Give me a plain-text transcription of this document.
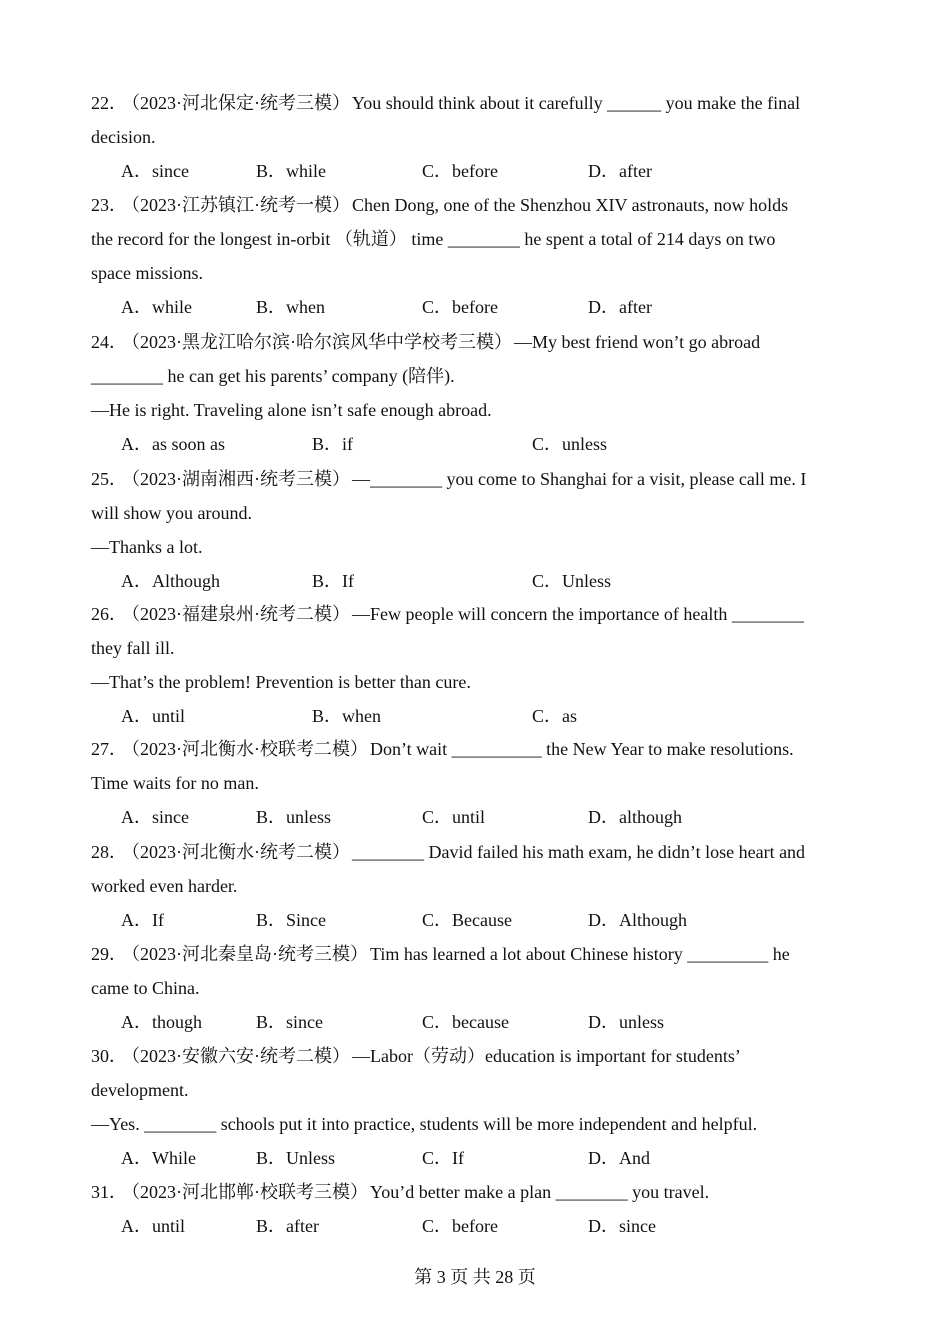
22． （2023·河北保定·统考三模） You should think about it carefully ______ you make the final
decision.
A．since	B．while	C．before	D．after
23． （2023·江苏镇江·统考一模） Chen Dong, one of the Shenzhou XIV astronauts, now holds
the record for the longest in-orbit （轨道） time ________ he spent a total of 214 days on two
space missions.
A．while	B．when	C．before	D．after
24． （2023·黑龙江哈尔滨·哈尔滨风华中学校考三模） —My best friend won’t go abroad
________ he can get his parents’ company (陪伴).
—He is right. Traveling alone isn’t safe enough abroad.
A．as soon as	B．if	C．unless
25． （2023·湖南湘西·统考三模） —________ you come to Shanghai for a visit, please call me. I
will show you around.
—Thanks a lot.
A．Although	B．If	C．Unless
26． （2023·福建泉州·统考二模） —Few people will concern the importance of health ________
they fall ill.
—That’s the problem! Prevention is better than cure.
A．until	B．when	C．as
27． （2023·河北衡水·校联考二模） Don’t wait __________ the New Year to make resolutions.
Time waits for no man.
A．since	B．unless	C．until	D．although
28． （2023·河北衡水·统考二模） ________ David failed his math exam, he didn’t lose heart and
worked even harder.
A．If	B．Since	C．Because	D．Although
29． （2023·河北秦皇岛·统考三模） Tim has learned a lot about Chinese history _________ he
came to China.
A．though	B．since	C．because	D．unless
30． （2023·安徽六安·统考二模） —Labor（劳动）education is important for students’
development.
—Yes. ________ schools put it into practice, students will be more independent and helpful.
A．While	B．Unless	C．If	D．And
31． （2023·河北邯郸·校联考三模） You’d better make a plan ________ you travel.
A．until	B．after	C．before	D．since
第 3 页 共 28 页
